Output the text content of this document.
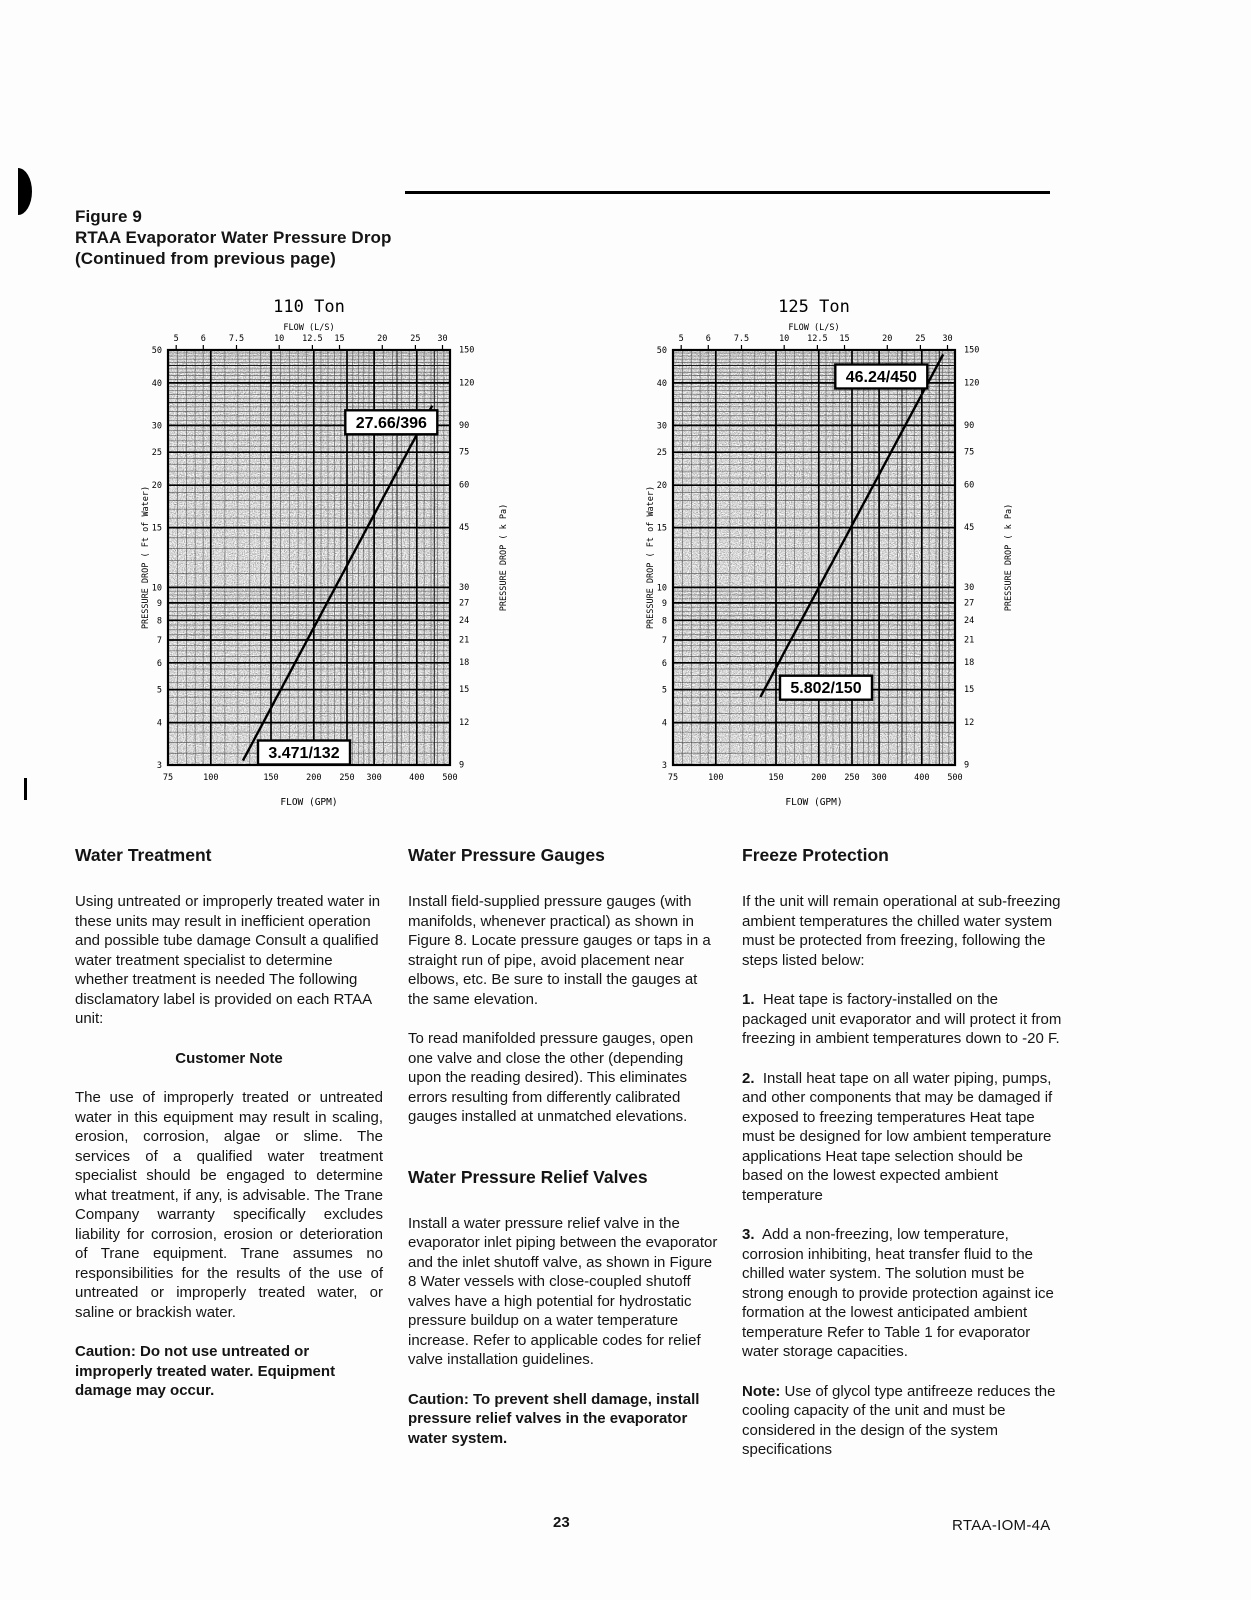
Figure 9
RTAA Evaporator Water Pressure Drop
(Continued from previous page)
75	100	150	200 250 300	400 500
5	6	7.5	10 12.5 15	20	25 30
50
40
30
25
20
15
10
9
8
7
6
5
4
3
150
120
90
75
60
45
30
27
24
21
18
15
12
9
110 Ton
FLOW (L/S)
FLOW (GPM)
PRESSURE DROP ( Ft of Water)	PRESSURE DROP ( k Pa)
27.66/396
3.471/132
75	100	150	200 250 300	400 500
5	6	7.5	10 12.5 15	20	25 30
50
40
30
25
20
15
10
9
8
7
6
5
4
3
150
120
90
75
60
45
30
27
24
21
18
15
12
9
125 Ton
FLOW (L/S)
FLOW (GPM)
PRESSURE DROP ( Ft of Water)	PRESSURE DROP ( k Pa)
46.24/450
5.802/150
Water Treatment

Using untreated or improperly treated water in these units may result in inefficient operation and possible tube damage Consult a qualified water treatment specialist to determine whether treatment is needed The following disclamatory label is provided on each RTAA unit:

Customer Note

The use of improperly treated or untreated water in this equipment may result in scaling, erosion, corrosion, algae or slime. The services of a qualified water treatment specialist should be engaged to determine what treatment, if any, is advisable. The Trane Company warranty specifically excludes liability for corrosion, erosion or deterioration of Trane equipment. Trane assumes no responsibilities for the results of the use of untreated or improperly treated water, or saline or brackish water.

Caution: Do not use untreated or improperly treated water. Equipment damage may occur.

Water Pressure Gauges

Install field-supplied pressure gauges (with manifolds, whenever practical) as shown in Figure 8. Locate pressure gauges or taps in a straight run of pipe, avoid placement near elbows, etc. Be sure to install the gauges at the same elevation.

To read manifolded pressure gauges, open one valve and close the other (depending upon the reading desired). This eliminates errors resulting from differently calibrated gauges installed at unmatched elevations.

Water Pressure Relief Valves

Install a water pressure relief valve in the evaporator inlet piping between the evaporator and the inlet shutoff valve, as shown in Figure 8 Water vessels with close-coupled shutoff valves have a high potential for hydrostatic pressure buildup on a water temperature increase. Refer to applicable codes for relief valve installation guidelines.

Caution: To prevent shell damage, install pressure relief valves in the evaporator water system.

Freeze Protection

If the unit will remain operational at sub-freezing ambient temperatures the chilled water system must be protected from freezing, following the steps listed below:

1. Heat tape is factory-installed on the packaged unit evaporator and will protect it from freezing in ambient temperatures down to -20 F.

2. Install heat tape on all water piping, pumps, and other components that may be damaged if exposed to freezing temperatures Heat tape must be designed for low ambient temperature applications Heat tape selection should be based on the lowest expected ambient temperature

3. Add a non-freezing, low temperature, corrosion inhibiting, heat transfer fluid to the chilled water system. The solution must be strong enough to provide protection against ice formation at the lowest anticipated ambient temperature Refer to Table 1 for evaporator water storage capacities.

Note: Use of glycol type antifreeze reduces the cooling capacity of the unit and must be considered in the design of the system specifications

23	RTAA-IOM-4A
